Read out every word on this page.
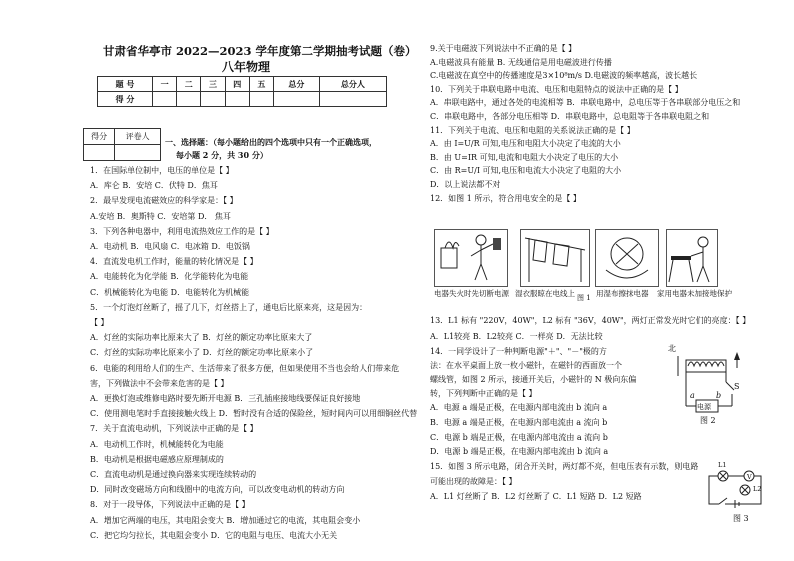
甘肃省华亭市 2022—2023 学年度第二学期抽考试题（卷）
八年物理
题 号	一	二	三	四	五	总分	总分人
得 分							
得分	评卷人

一、选择题：（每小题给出的四个选项中只有一个正确选项，
每小题 2 分，共 30 分）
1．在国际单位制中，电压的单位是【 】
A．库仑 B．安培 C．伏特 D．焦耳
2．最早发现电流磁效应的科学家是：【 】
A.安培 B．奥斯特 C．安培第 D． 焦耳
3．下列各种电器中，利用电流热效应工作的是【 】
A．电动机 B．电风扇 C．电冰箱 D．电饭锅
4．直流发电机工作时，能量的转化情况是【 】
A．电能转化为化学能 B．化学能转化为电能
C．机械能转化为电能 D．电能转化为机械能
5．一个灯泡灯丝断了，摇了几下，灯丝搭上了，通电后比原来亮，这是因为：
【 】
A．灯丝的实际功率比原来大了 B．灯丝的额定功率比原来大了
C．灯丝的实际功率比原来小了 D．灯丝的额定功率比原来小了
6．电能的利用给人们的生产、生活带来了很多方便，但如果使用不当也会给人们带来危
害，下列做法中不会带来危害的是【 】
A．更换灯泡或维修电路时要先断开电源 B．三孔插座接地线要保证良好接地
C．使用测电笔时手直接接触火线上 D．暂时没有合适的保险丝，短时间内可以用细铜丝代替
7．关于直流电动机，下列说法中正确的是【 】
A．电动机工作时，机械能转化为电能
B．电动机是根据电磁感应原理制成的
C．直流电动机是通过换向器来实现连续转动的
D．同时改变磁场方向和线圈中的电流方向，可以改变电动机的转动方向
8．对于一段导体，下列说法中正确的是【 】
A．增加它两端的电压，其电阻会变大 B．增加通过它的电流，其电阻会变小
C．把它均匀拉长，其电阻会变小 D．它的电阻与电压、电流大小无关
9.关于电磁波下列说法中不正确的是【 】
A.电磁波具有能量 B. 无线通信是用电磁波进行传播
C.电磁波在真空中的传播速度是3×10⁸m/s D.电磁波的频率越高，波长越长
10．下列关于串联电路中电流、电压和电阻特点的说法中正确的是【 】
A．串联电路中，通过各处的电流相等 B．串联电路中，总电压等于各串联部分电压之和
C．串联电路中，各部分电压相等 D．串联电路中，总电阻等于各串联电阻之和
11．下列关于电流、电压和电阻的关系说法正确的是【 】
A．由 I=U/R 可知,电压和电阻大小决定了电流的大小
B．由 U=IR 可知,电流和电阻大小决定了电压的大小
C．由 R=U/I 可知,电压和电流大小决定了电阻的大小
D．以上说法都不对
12．如图 1 所示，符合用电安全的是【 】
13．L1 标有 "220V，40W"，L2 标有 "36V，40W"，两灯正常发光时它们的亮度：【 】
A．L1较亮 B．L2较亮 C．一样亮 D．无法比较
14．一同学设计了一种判断电源"＋"、"－"极的方
法：在水平桌面上放一枚小磁针，在磁针的西面放一个
螺线管，如图 2 所示，接通开关后，小磁针的 N 极向东偏
转，下列判断中正确的是【 】
A．电源 a 端是正极，在电源内部电流由 b 流向 a
B．电源 a 端是正极，在电源内部电流由 a 流向 b
C．电源 b 端是正极，在电源内部电流由 a 流向 b
D．电源 b 端是正极，在电源内部电流由 b 流向 a
15．如图 3 所示电路，闭合开关时，两灯都不亮，但电压表有示数，则电路
可能出现的故障是：【 】
A．L1 灯丝断了 B．L2 灯丝断了 C．L1 短路 D．L2 短路
电器失火时先切断电源 湿衣服晾在电线上 图 1 用湿布擦抹电器 家用电器未加接地保护
北
a	b
电源
S
图 2
L1
V
L2
图 3
